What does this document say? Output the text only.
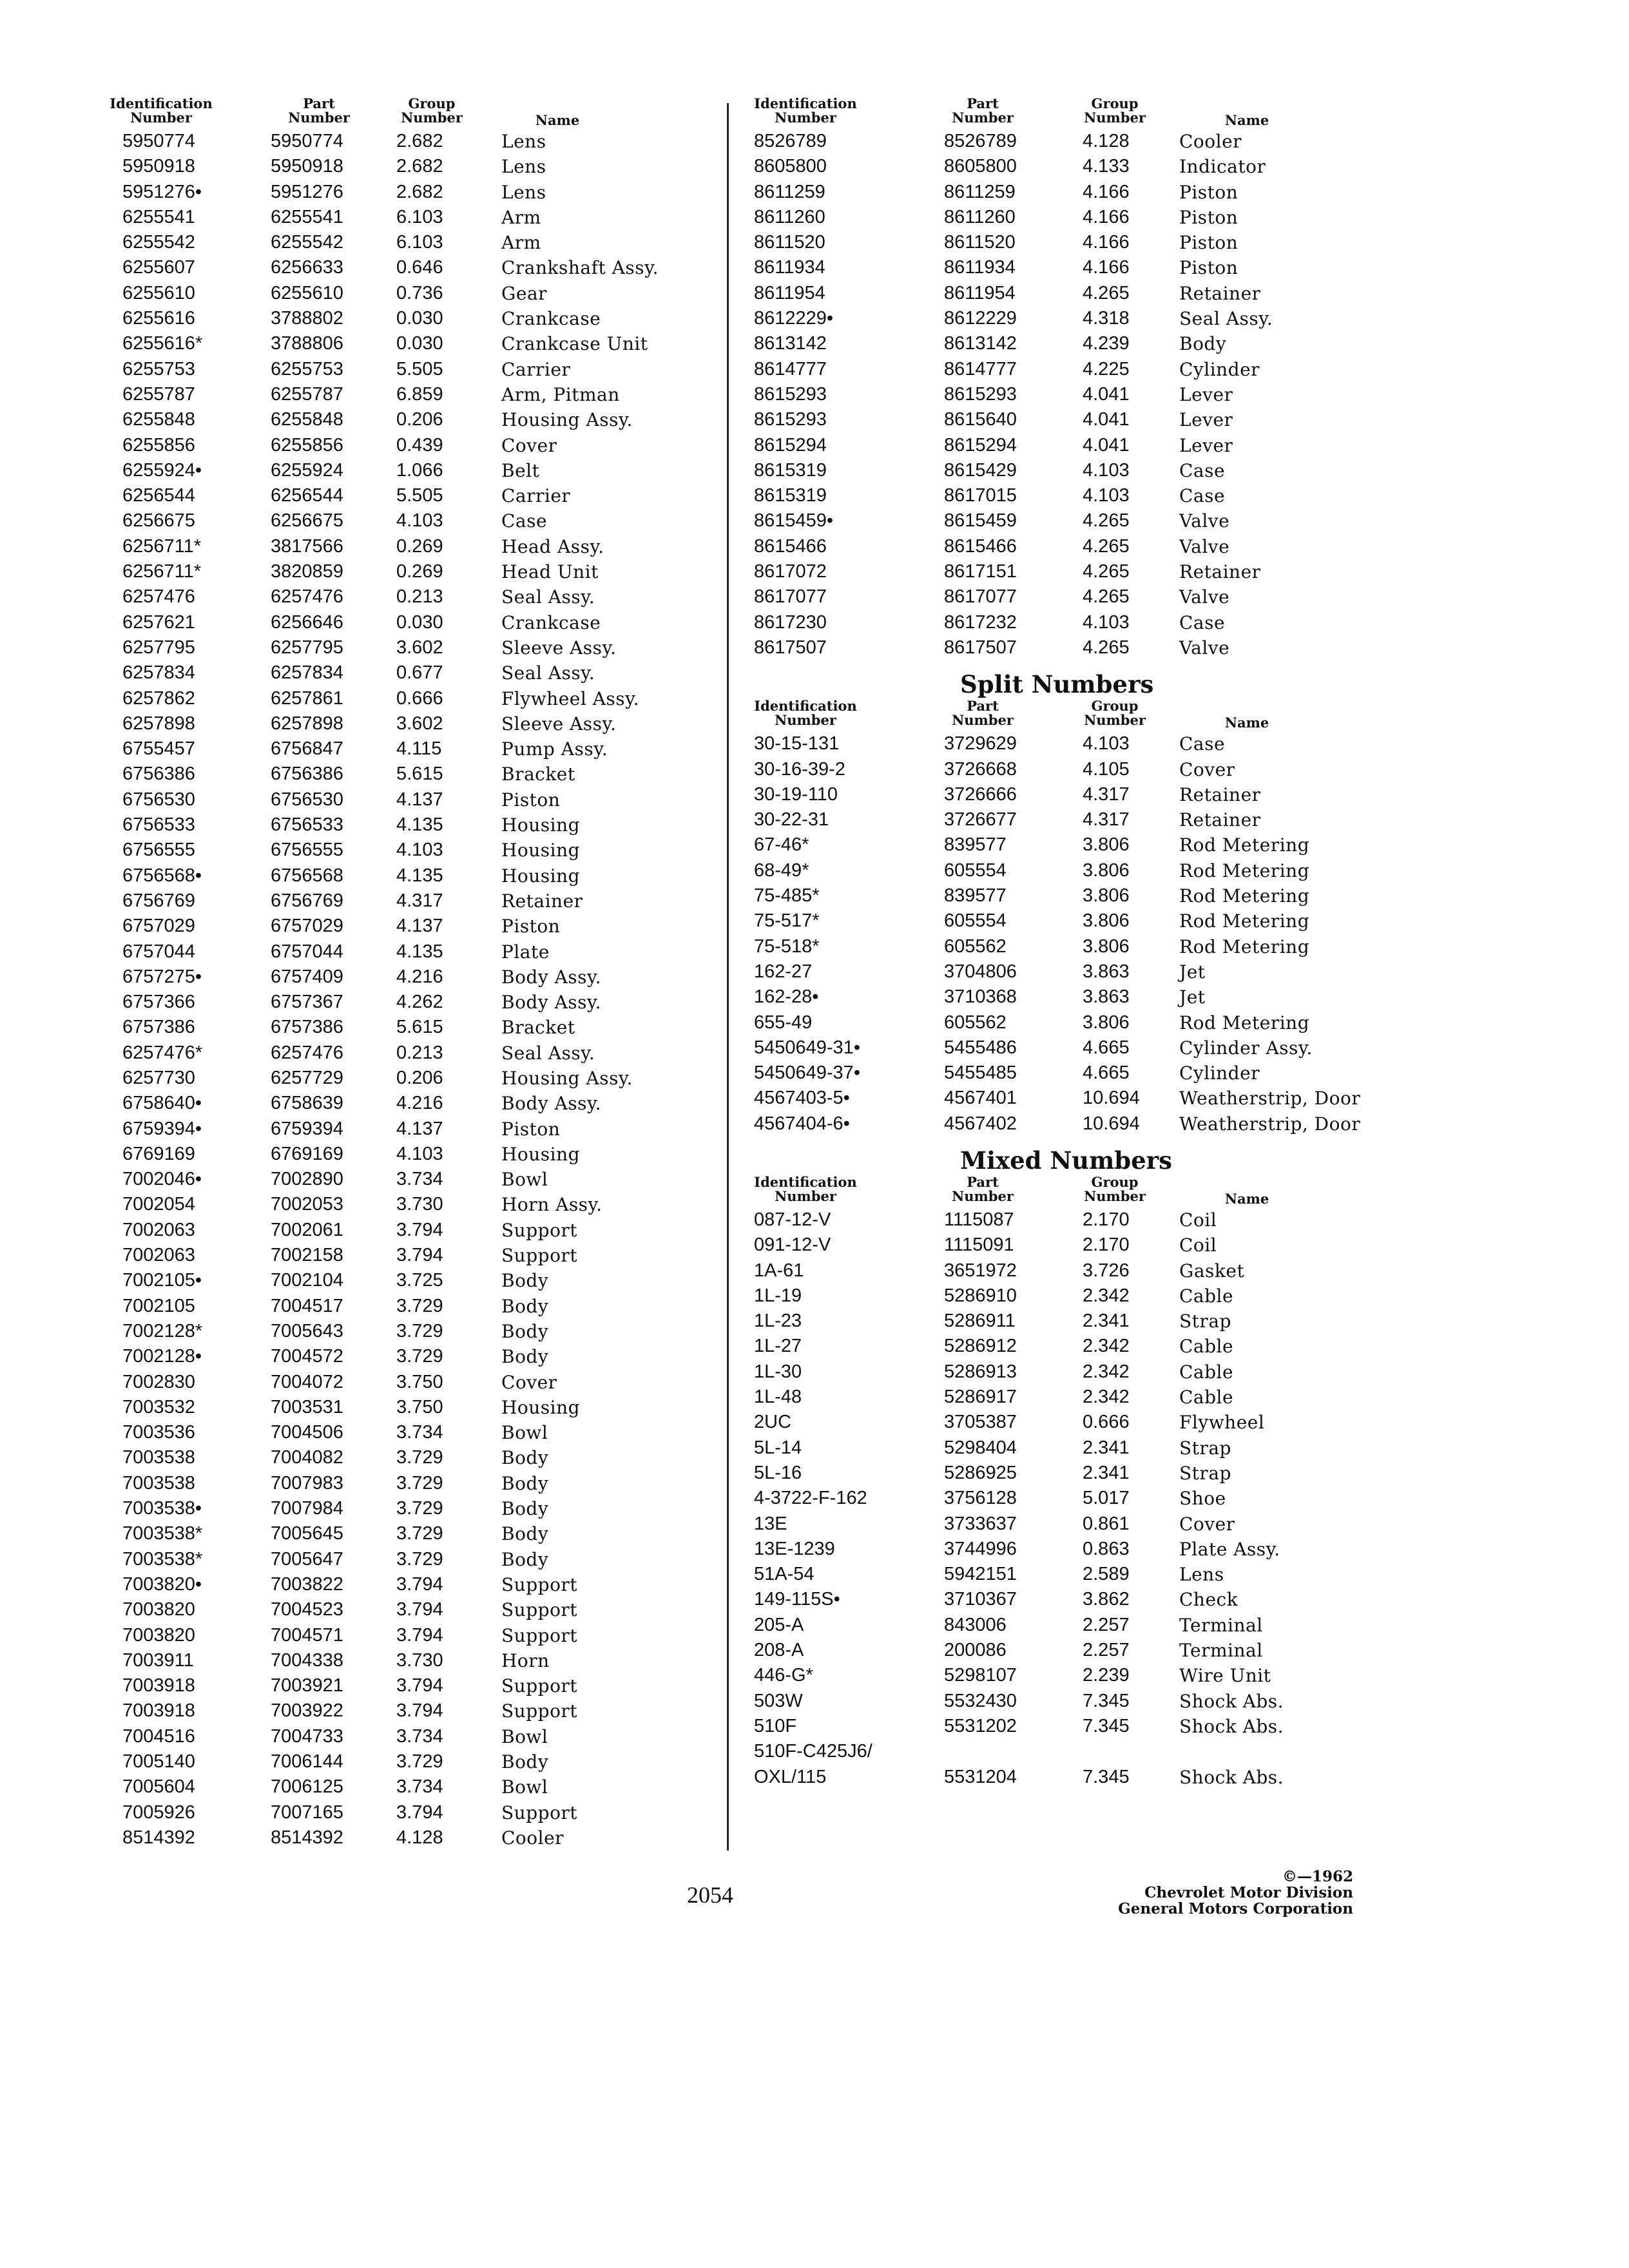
Identification
Number
Part
Number
Group
Number	Name
5950774	5950774	2.682	Lens
5950918	5950918	2.682	Lens
5951276•	5951276	2.682	Lens
6255541	6255541	6.103	Arm
6255542	6255542	6.103	Arm
6255607	6256633	0.646	Crankshaft Assy.
6255610	6255610	0.736	Gear
6255616	3788802	0.030	Crankcase
6255616*	3788806	0.030	Crankcase Unit
6255753	6255753	5.505	Carrier
6255787	6255787	6.859	Arm, Pitman
6255848	6255848	0.206	Housing Assy.
6255856	6255856	0.439	Cover
6255924•	6255924	1.066	Belt
6256544	6256544	5.505	Carrier
6256675	6256675	4.103	Case
6256711*	3817566	0.269	Head Assy.
6256711*	3820859	0.269	Head Unit
6257476	6257476	0.213	Seal Assy.
6257621	6256646	0.030	Crankcase
6257795	6257795	3.602	Sleeve Assy.
6257834	6257834	0.677	Seal Assy.
6257862	6257861	0.666	Flywheel Assy.
6257898	6257898	3.602	Sleeve Assy.
6755457	6756847	4.115	Pump Assy.
6756386	6756386	5.615	Bracket
6756530	6756530	4.137	Piston
6756533	6756533	4.135	Housing
6756555	6756555	4.103	Housing
6756568•	6756568	4.135	Housing
6756769	6756769	4.317	Retainer
6757029	6757029	4.137	Piston
6757044	6757044	4.135	Plate
6757275•	6757409	4.216	Body Assy.
6757366	6757367	4.262	Body Assy.
6757386	6757386	5.615	Bracket
6257476*	6257476	0.213	Seal Assy.
6257730	6257729	0.206	Housing Assy.
6758640•	6758639	4.216	Body Assy.
6759394•	6759394	4.137	Piston
6769169	6769169	4.103	Housing
7002046•	7002890	3.734	Bowl
7002054	7002053	3.730	Horn Assy.
7002063	7002061	3.794	Support
7002063	7002158	3.794	Support
7002105•	7002104	3.725	Body
7002105	7004517	3.729	Body
7002128*	7005643	3.729	Body
7002128•	7004572	3.729	Body
7002830	7004072	3.750	Cover
7003532	7003531	3.750	Housing
7003536	7004506	3.734	Bowl
7003538	7004082	3.729	Body
7003538	7007983	3.729	Body
7003538•	7007984	3.729	Body
7003538*	7005645	3.729	Body
7003538*	7005647	3.729	Body
7003820•	7003822	3.794	Support
7003820	7004523	3.794	Support
7003820	7004571	3.794	Support
7003911	7004338	3.730	Horn
7003918	7003921	3.794	Support
7003918	7003922	3.794	Support
7004516	7004733	3.734	Bowl
7005140	7006144	3.729	Body
7005604	7006125	3.734	Bowl
7005926	7007165	3.794	Support
8514392	8514392	4.128	Cooler
Identification
Number
Part
Number
Group
Number	Name
8526789	8526789	4.128	Cooler
8605800	8605800	4.133	Indicator
8611259	8611259	4.166	Piston
8611260	8611260	4.166	Piston
8611520	8611520	4.166	Piston
8611934	8611934	4.166	Piston
8611954	8611954	4.265	Retainer
8612229•	8612229	4.318	Seal Assy.
8613142	8613142	4.239	Body
8614777	8614777	4.225	Cylinder
8615293	8615293	4.041	Lever
8615293	8615640	4.041	Lever
8615294	8615294	4.041	Lever
8615319	8615429	4.103	Case
8615319	8617015	4.103	Case
8615459•	8615459	4.265	Valve
8615466	8615466	4.265	Valve
8617072	8617151	4.265	Retainer
8617077	8617077	4.265	Valve
8617230	8617232	4.103	Case
8617507	8617507	4.265	Valve
Split Numbers
Identification
Number
Part
Number
Group
Number	Name
30-15-131	3729629	4.103	Case
30-16-39-2	3726668	4.105	Cover
30-19-110	3726666	4.317	Retainer
30-22-31	3726677	4.317	Retainer
67-46*	839577	3.806	Rod Metering
68-49*	605554	3.806	Rod Metering
75-485*	839577	3.806	Rod Metering
75-517*	605554	3.806	Rod Metering
75-518*	605562	3.806	Rod Metering
162-27	3704806	3.863	Jet
162-28•	3710368	3.863	Jet
655-49	605562	3.806	Rod Metering
5450649-31•	5455486	4.665	Cylinder Assy.
5450649-37•	5455485	4.665	Cylinder
4567403-5•	4567401	10.694 Weatherstrip, Door
4567404-6•	4567402	10.694 Weatherstrip, Door
Mixed Numbers
Identification
Number
Part
Number
Group
Number	Name
087-12-V	1115087	2.170	Coil
091-12-V	1115091	2.170	Coil
1A-61	3651972	3.726	Gasket
1L-19	5286910	2.342	Cable
1L-23	5286911	2.341	Strap
1L-27	5286912	2.342	Cable
1L-30	5286913	2.342	Cable
1L-48	5286917	2.342	Cable
2UC	3705387	0.666	Flywheel
5L-14	5298404	2.341	Strap
5L-16	5286925	2.341	Strap
4-3722-F-162	3756128	5.017	Shoe
13E	3733637	0.861	Cover
13E-1239	3744996	0.863	Plate Assy.
51A-54	5942151	2.589	Lens
149-115S•	3710367	3.862	Check
205-A	843006	2.257	Terminal
208-A	200086	2.257	Terminal
446-G*	5298107	2.239	Wire Unit
503W	5532430	7.345	Shock Abs.
510F	5531202	7.345	Shock Abs.
510F-C425J6/
OXL/115	5531204	7.345	Shock Abs.
2054
©—1962
Chevrolet Motor Division
General Motors Corporation
